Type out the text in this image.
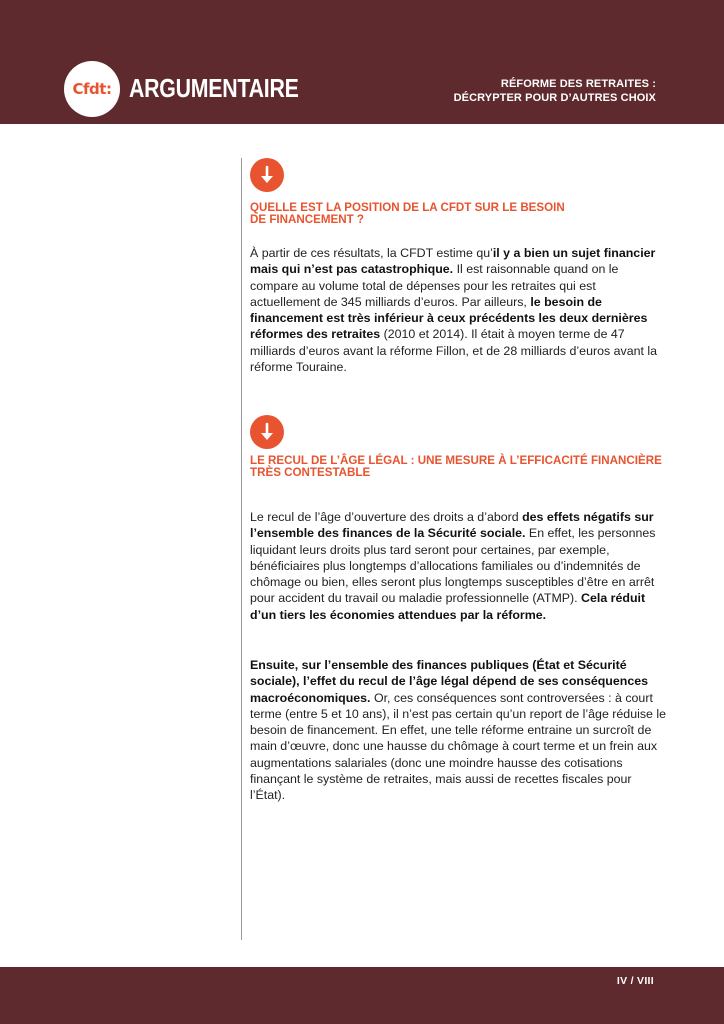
Cfdt: ARGUMENTAIRE	RÉFORME DES RETRAITES :
DÉCRYPTER POUR D’AUTRES CHOIX
QUELLE EST LA POSITION DE LA CFDT SUR LE BESOIN
DE FINANCEMENT ?

À partir de ces résultats, la CFDT estime qu’il y a bien un sujet financier mais qui n’est pas catastrophique. Il est raisonnable quand on le compare au volume total de dépenses pour les retraites qui est actuellement de 345 milliards d’euros. Par ailleurs, le besoin de financement est très inférieur à ceux précédents les deux dernières réformes des retraites (2010 et 2014). Il était à moyen terme de 47 milliards d’euros avant la réforme Fillon, et de 28 milliards d’euros avant la réforme Touraine.

LE RECUL DE L’ÂGE LÉGAL : UNE MESURE À L’EFFICACITÉ FINANCIÈRE
TRÈS CONTESTABLE

Le recul de l’âge d’ouverture des droits a d’abord des effets négatifs sur l’ensemble des finances de la Sécurité sociale. En effet, les personnes liquidant leurs droits plus tard seront pour certaines, par exemple, bénéficiaires plus longtemps d’allocations familiales ou d’indemnités de chômage ou bien, elles seront plus longtemps susceptibles d’être en arrêt pour accident du travail ou maladie professionnelle (ATMP). Cela réduit d’un tiers les économies attendues par la réforme.

Ensuite, sur l’ensemble des finances publiques (État et Sécurité sociale), l’effet du recul de l’âge légal dépend de ses conséquences macroéconomiques. Or, ces conséquences sont controversées : à court terme (entre 5 et 10 ans), il n’est pas certain qu’un report de l’âge réduise le besoin de financement. En effet, une telle réforme entraine un surcroît de main d’œuvre, donc une hausse du chômage à court terme et un frein aux augmentations salariales (donc une moindre hausse des cotisations finançant le système de retraites, mais aussi de recettes fiscales pour l’État).

IV / VIII
